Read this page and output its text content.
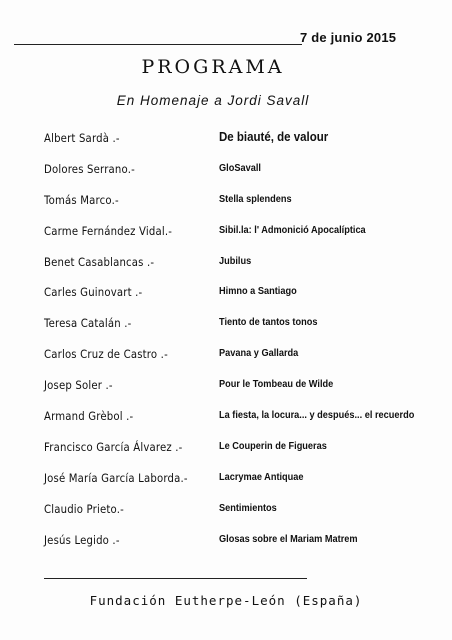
7 de junio 2015
PROGRAMA
En Homenaje a Jordi Savall
Albert Sardà .-	De biauté, de valour
Dolores Serrano.-	GloSavall
Tomás Marco.-	Stella splendens
Carme Fernández Vidal.-	Sibil.la: l' Admonició Apocalíptica
Benet Casablancas .-	Jubilus
Carles Guinovart .-	Himno a Santiago
Teresa Catalán .-	Tiento de tantos tonos
Carlos Cruz de Castro .-	Pavana y Gallarda
Josep Soler .-	Pour le Tombeau de Wilde
Armand Grèbol .-	La fiesta, la locura... y después... el recuerdo
Francisco García Álvarez .-	Le Couperin de Figueras
José María García Laborda.-	Lacrymae Antiquae
Claudio Prieto.-	Sentimientos
Jesús Legido .-	Glosas sobre el Mariam Matrem
Fundación Eutherpe-León (España)
